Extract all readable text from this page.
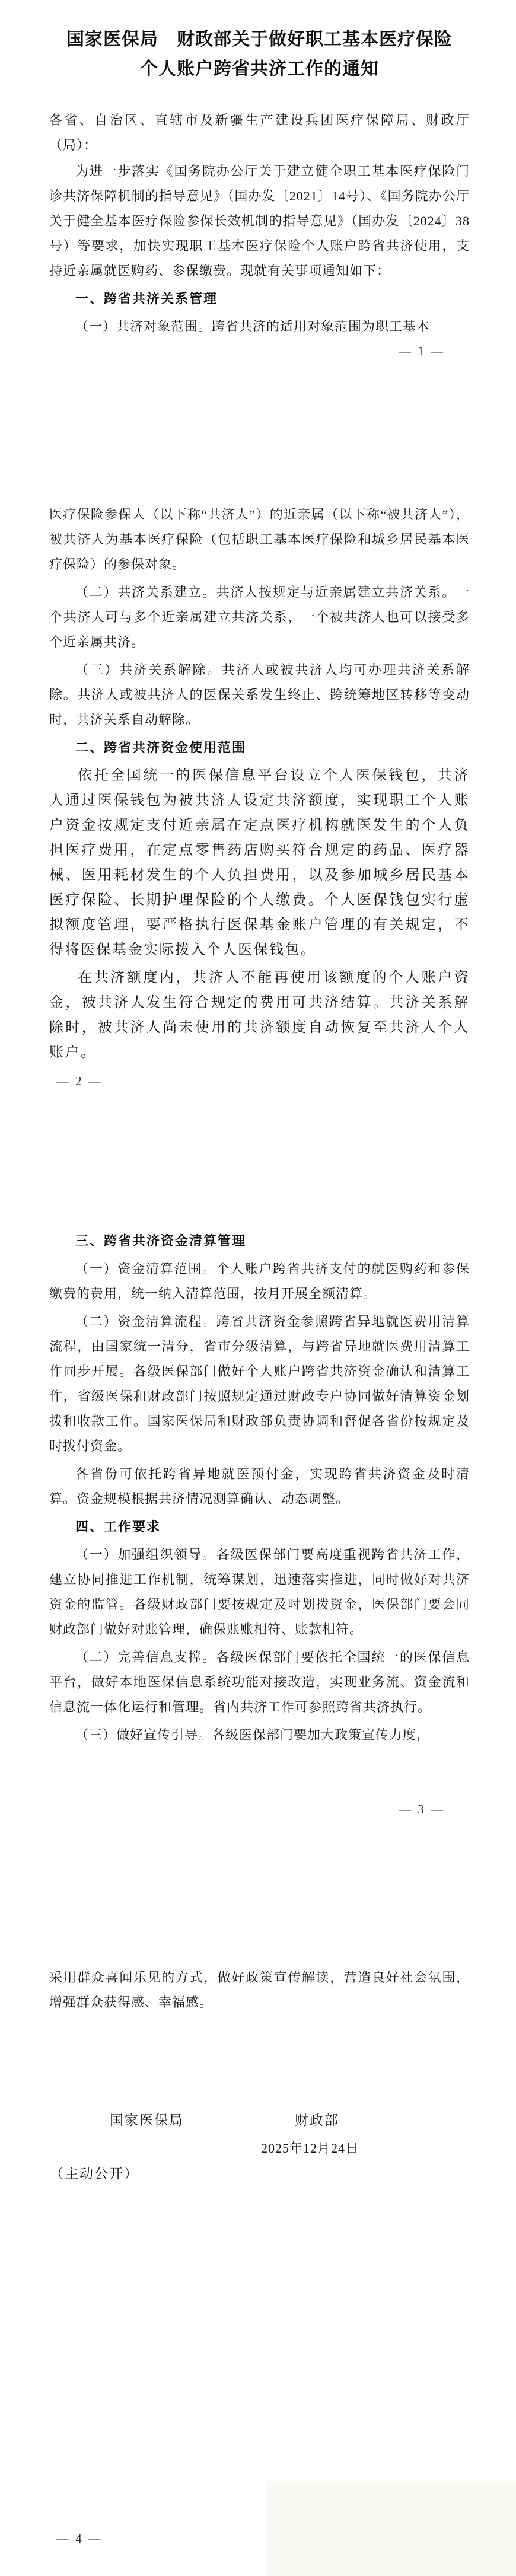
国家医保局　财政部关于做好职工基本医疗保险
个人账户跨省共济工作的通知
各省、自治区、直辖市及新疆生产建设兵团医疗保障局、财政厅（局）：
为进一步落实《国务院办公厅关于建立健全职工基本医疗保险门诊共济保障机制的指导意见》（国办发〔2021〕14号）、《国务院办公厅关于健全基本医疗保险参保长效机制的指导意见》（国办发〔2024〕38号）等要求，加快实现职工基本医疗保险个人账户跨省共济使用，支持近亲属就医购药、参保缴费。现就有关事项通知如下：
一、跨省共济关系管理
（一）共济对象范围。跨省共济的适用对象范围为职工基本
— 1 —
医疗保险参保人（以下称“共济人”）的近亲属（以下称“被共济人”），被共济人为基本医疗保险（包括职工基本医疗保险和城乡居民基本医疗保险）的参保对象。
（二）共济关系建立。共济人按规定与近亲属建立共济关系。一个共济人可与多个近亲属建立共济关系，一个被共济人也可以接受多个近亲属共济。
（三）共济关系解除。共济人或被共济人均可办理共济关系解除。共济人或被共济人的医保关系发生终止、跨统筹地区转移等变动时，共济关系自动解除。
二、跨省共济资金使用范围
依托全国统一的医保信息平台设立个人医保钱包，共济人通过医保钱包为被共济人设定共济额度，实现职工个人账户资金按规定支付近亲属在定点医疗机构就医发生的个人负担医疗费用，在定点零售药店购买符合规定的药品、医疗器械、医用耗材发生的个人负担费用，以及参加城乡居民基本医疗保险、长期护理保险的个人缴费。个人医保钱包实行虚拟额度管理，要严格执行医保基金账户管理的有关规定，不得将医保基金实际拨入个人医保钱包。
在共济额度内，共济人不能再使用该额度的个人账户资金，被共济人发生符合规定的费用可共济结算。共济关系解除时，被共济人尚未使用的共济额度自动恢复至共济人个人账户。
— 2 —
三、跨省共济资金清算管理
（一）资金清算范围。个人账户跨省共济支付的就医购药和参保缴费的费用，统一纳入清算范围，按月开展全额清算。
（二）资金清算流程。跨省共济资金参照跨省异地就医费用清算流程，由国家统一清分，省市分级清算，与跨省异地就医费用清算工作同步开展。各级医保部门做好个人账户跨省共济资金确认和清算工作，省级医保和财政部门按照规定通过财政专户协同做好清算资金划拨和收款工作。国家医保局和财政部负责协调和督促各省份按规定及时拨付资金。
各省份可依托跨省异地就医预付金，实现跨省共济资金及时清算。资金规模根据共济情况测算确认、动态调整。
四、工作要求
（一）加强组织领导。各级医保部门要高度重视跨省共济工作，建立协同推进工作机制，统筹谋划，迅速落实推进，同时做好对共济资金的监管。各级财政部门要按规定及时划拨资金，医保部门要会同财政部门做好对账管理，确保账账相符、账款相符。
（二）完善信息支撑。各级医保部门要依托全国统一的医保信息平台，做好本地医保信息系统功能对接改造，实现业务流、资金流和信息流一体化运行和管理。省内共济工作可参照跨省共济执行。
（三）做好宣传引导。各级医保部门要加大政策宣传力度，
— 3 —
采用群众喜闻乐见的方式，做好政策宣传解读，营造良好社会氛围，增强群众获得感、幸福感。
国家医保局	财政部
2025年12月24日
（主动公开）
— 4 —
